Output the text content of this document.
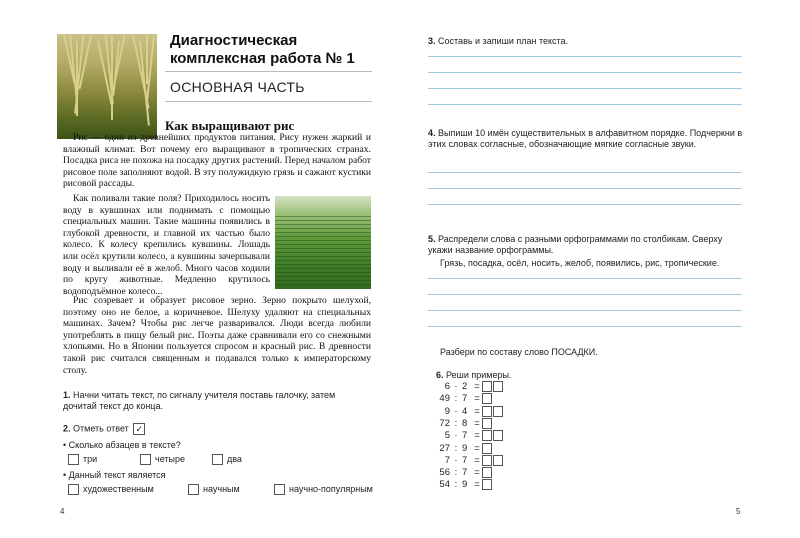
Диагностическая комплексная работа № 1
ОСНОВНАЯ ЧАСТЬ
Как выращивают рис
Рис — один из древнейших продуктов питания. Рису нужен жаркий и влажный климат. Вот почему его выращивают в тропических странах. Посадка риса не похожа на посадку других растений. Перед началом работ рисовое поле заполняют водой. В эту полужидкую грязь и сажают кустики рисовой рассады.
Как поливали такие поля? Приходилось носить воду в кувшинах или поднимать с помощью специальных машин. Такие машины появились в глубокой древности, и главной их частью было колесо. К колесу крепились кувшины. Лошадь или осёл крутили колесо, а кувшины зачерпывали воду и выливали её в желоб. Много часов ходили по кругу животные. Медленно крутилось водоподъёмное колесо...
Рис созревает и образует рисовое зерно. Зерно покрыто шелухой, поэтому оно не белое, а коричневое. Шелуху удаляют на специальных машинах. Зачем? Чтобы рис легче разваривался. Люди всегда любили употреблять в пищу белый рис. Поэты даже сравнивали его со снежными хлопьями. Но в Японии пользуется спросом и красный рис. В древности такой рис считался священным и подавался только к императорскому столу.
1. Начни читать текст, по сигналу учителя поставь галочку, затем дочитай текст до конца.
2. Отметь ответ ✓
• Сколько абзацев в тексте?
три	четыре	два
• Данный текст является
художественным	научным	научно-популярным
4
3. Составь и запиши план текста.
4. Выпиши 10 имён существительных в алфавитном порядке. Подчеркни в этих словах согласные, обозначающие мягкие согласные звуки.
5. Распредели слова с разными орфограммами по столбикам. Сверху укажи название орфограммы.
Грязь, посадка, осёл, носить, желоб, появились, рис, тропические.
Разбери по составу слово ПОСАДКИ.
6. Реши примеры.
6 · 2 =
49 : 7 =
9 · 4 =
72 : 8 =
5 · 7 =
27 : 9 =
7 · 7 =
56 : 7 =
54 : 9 =
5
